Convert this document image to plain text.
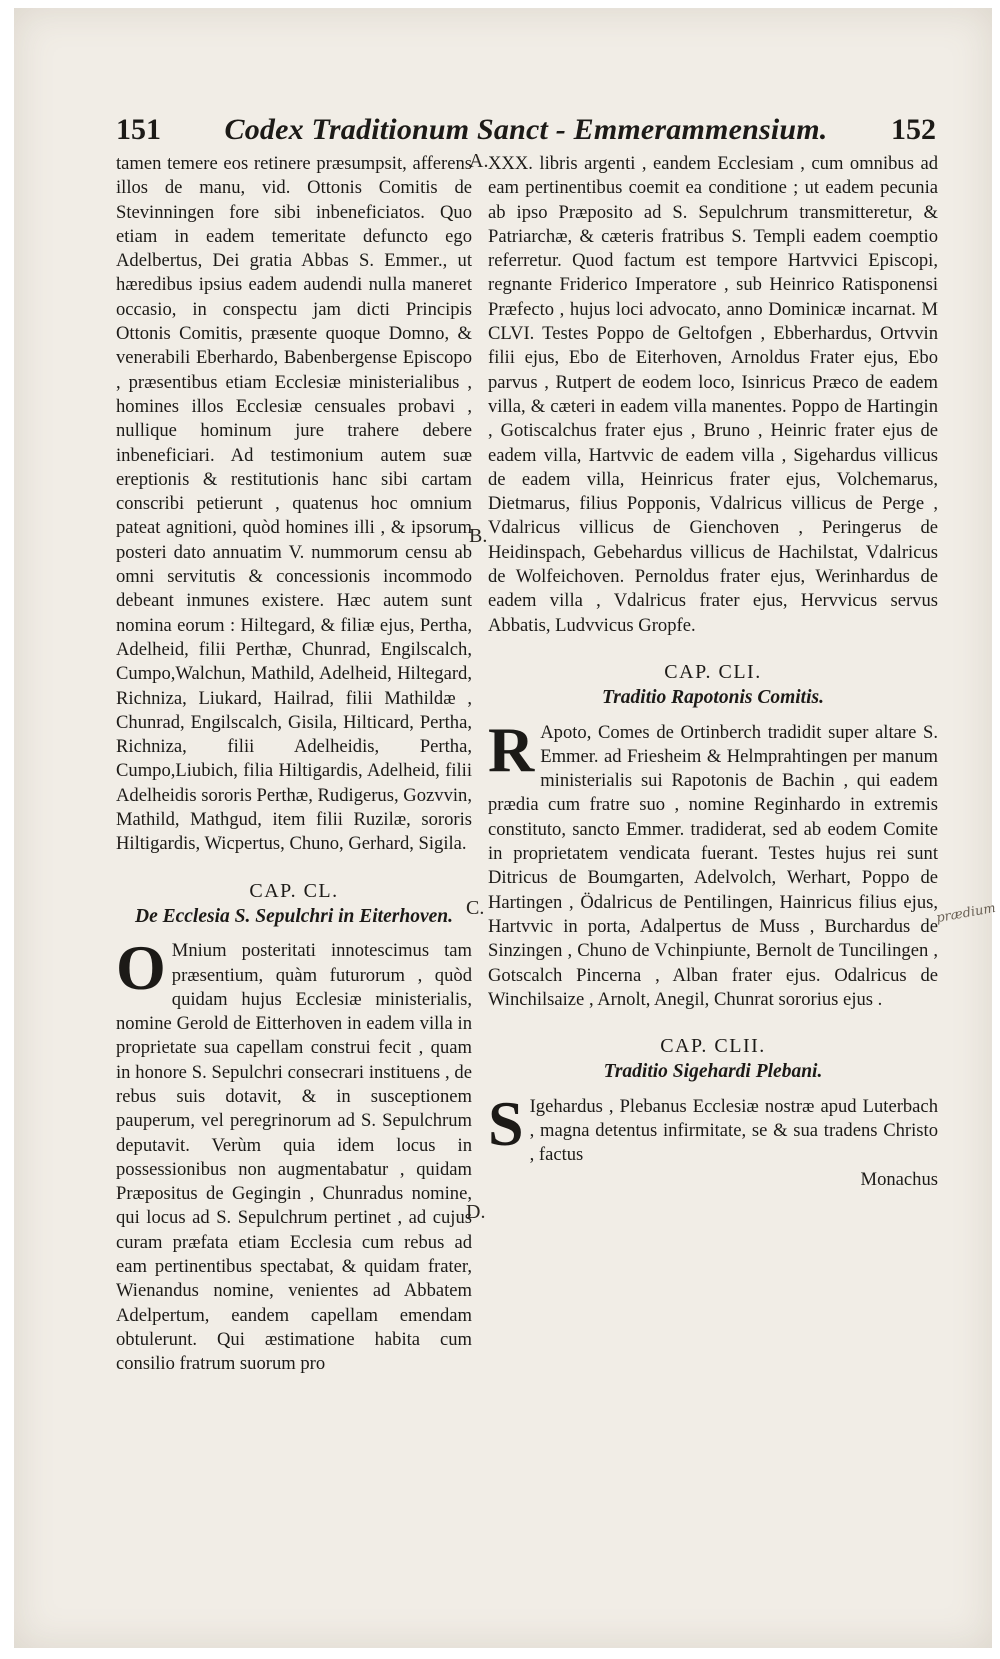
151	Codex Traditionum Sanct - Emmerammensium.	152
A.
B.
C.
D.

tamen temere eos retinere præsumpsit, afferens illos de manu, vid. Ottonis Comitis de Stevinningen fore sibi inbeneficiatos. Quo etiam in eadem temeritate defuncto ego Adelbertus, Dei gratia Abbas S. Emmer., ut hæredibus ipsius eadem audendi nulla maneret occasio, in conspectu jam dicti Principis Ottonis Comitis, præsente quoque Domno, & venerabili Eberhardo, Babenbergense Episcopo , præsentibus etiam Ecclesiæ ministerialibus , homines illos Ecclesiæ censuales probavi , nullique hominum jure trahere debere inbeneficiari. Ad testimonium autem suæ ereptionis & restitutionis hanc sibi cartam conscribi petierunt , quatenus hoc omnium pateat agnitioni, quòd homines illi , & ipsorum posteri dato annuatim V. nummorum censu ab omni servitutis & concessionis incommodo debeant inmunes existere. Hæc autem sunt nomina eorum : Hiltegard, & filiæ ejus, Pertha, Adelheid, filii Perthæ, Chunrad, Engilscalch, Cumpo,Walchun, Mathild, Adelheid, Hiltegard, Richniza, Liukard, Hailrad, filii Mathildæ , Chunrad, Engilscalch, Gisila, Hilticard, Pertha, Richniza, filii Adelheidis, Pertha, Cumpo,Liubich, filia Hiltigardis, Adelheid, filii Adelheidis sororis Perthæ, Rudigerus, Gozvvin, Mathild, Mathgud, item filii Ruzilæ, sororis Hiltigardis, Wicpertus, Chuno, Gerhard, Sigila.

CAP. CL.
De Ecclesia S. Sepulchri in Eiterhoven.

O Mnium posteritati innotescimus tam præsentium, quàm futurorum , quòd quidam hujus Ecclesiæ ministerialis, nomine Gerold de Eitterhoven in eadem villa in proprietate sua capellam construi fecit , quam in honore S. Sepulchri consecrari instituens , de rebus suis dotavit, & in susceptionem pauperum, vel peregrinorum ad S. Sepulchrum deputavit. Verùm quia idem locus in possessionibus non augmentabatur , quidam Præpositus de Gegingin , Chunradus nomine, qui locus ad S. Sepulchrum pertinet , ad cujus curam præfata etiam Ecclesia cum rebus ad eam pertinentibus spectabat, & quidam frater, Wienandus nomine, venientes ad Abbatem Adelpertum, eandem capellam emendam obtulerunt. Qui æstimatione habita cum consilio fratrum suorum pro

XXX. libris argenti , eandem Ecclesiam , cum omnibus ad eam pertinentibus coemit ea conditione ; ut eadem pecunia ab ipso Præposito ad S. Sepulchrum transmitteretur, & Patriarchæ, & cæteris fratribus S. Templi eadem coemptio referretur. Quod factum est tempore Hartvvici Episcopi, regnante Friderico Imperatore , sub Heinrico Ratisponensi Præfecto , hujus loci advocato, anno Dominicæ incarnat. M CLVI. Testes Poppo de Geltofgen , Ebberhardus, Ortvvin filii ejus, Ebo de Eiterhoven, Arnoldus Frater ejus, Ebo parvus , Rutpert de eodem loco, Isinricus Præco de eadem villa, & cæteri in eadem villa manentes. Poppo de Hartingin , Gotiscalchus frater ejus , Bruno , Heinric frater ejus de eadem villa, Hartvvic de eadem villa , Sigehardus villicus de eadem villa, Heinricus frater ejus, Volchemarus, Dietmarus, filius Popponis, Vdalricus villicus de Perge , Vdalricus villicus de Gienchoven , Peringerus de Heidinspach, Gebehardus villicus de Hachilstat, Vdalricus de Wolfeichoven. Pernoldus frater ejus, Werinhardus de eadem villa , Vdalricus frater ejus, Hervvicus servus Abbatis, Ludvvicus Gropfe.

CAP. CLI.
Traditio Rapotonis Comitis.

R Apoto, Comes de Ortinberch tradidit super altare S. Emmer. ad Friesheim & Helmprahtingen per manum ministerialis sui Rapotonis de Bachin , qui eadem prædia cum fratre suo , nomine Reginhardo in extremis constituto, sancto Emmer. tradiderat, sed ab eodem Comite in proprietatem vendicata fuerant. Testes hujus rei sunt Ditricus de Boumgarten, Adelvolch, Werhart, Poppo de Hartingen , Ödalricus de Pentilingen, Hainricus filius ejus, Hartvvic in porta, Adalpertus de Muss , Burchardus de Sinzingen , Chuno de Vchinpiunte, Bernolt de Tuncilingen , Gotscalch Pincerna , Alban frater ejus. Odalricus de Winchilsaize , Arnolt, Anegil, Chunrat sororius ejus .

CAP. CLII.
Traditio Sigehardi Plebani.

S Igehardus , Plebanus Ecclesiæ nostræ apud Luterbach , magna detentus infirmitate, se & sua tradens Christo , factus

Monachus

prædium
